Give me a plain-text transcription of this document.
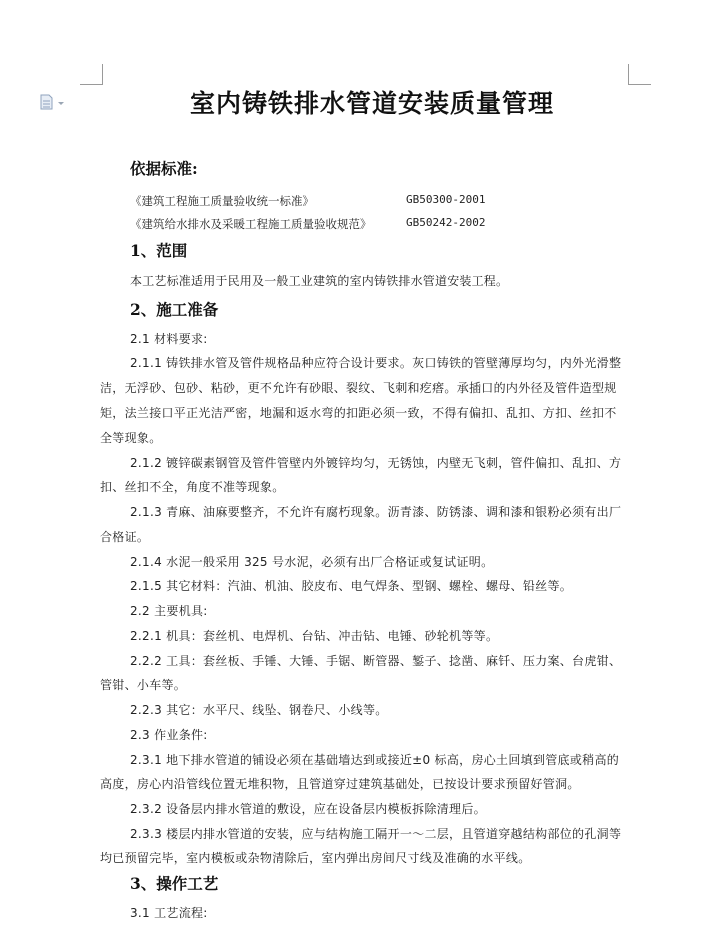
室内铸铁排水管道安装质量管理
依据标准:
《建筑工程施工质量验收统一标准》	GB50300-2001
《建筑给水排水及采暖工程施工质量验收规范》	GB50242-2002
1、范围
本工艺标准适用于民用及一般工业建筑的室内铸铁排水管道安装工程。
2、施工准备
2.1 材料要求:
2.1.1 铸铁排水管及管件规格品种应符合设计要求。灰口铸铁的管壁薄厚均匀，内外光滑整
洁，无浮砂、包砂、粘砂，更不允许有砂眼、裂纹、飞刺和疙瘩。承插口的内外径及管件造型规
矩，法兰接口平正光洁严密，地漏和返水弯的扣距必须一致，不得有偏扣、乱扣、方扣、丝扣不
全等现象。
2.1.2 镀锌碳素钢管及管件管壁内外镀锌均匀，无锈蚀，内壁无飞刺，管件偏扣、乱扣、方
扣、丝扣不全，角度不准等现象。
2.1.3 青麻、油麻要整齐，不允许有腐朽现象。沥青漆、防锈漆、调和漆和银粉必须有出厂
合格证。
2.1.4 水泥一般采用 325 号水泥，必须有出厂合格证或复试证明。
2.1.5 其它材料：汽油、机油、胶皮布、电气焊条、型钢、螺栓、螺母、铅丝等。
2.2 主要机具:
2.2.1 机具：套丝机、电焊机、台钻、冲击钻、电锤、砂轮机等等。
2.2.2 工具：套丝板、手锤、大锤、手锯、断管器、錾子、捻凿、麻钎、压力案、台虎钳、
管钳、小车等。
2.2.3 其它：水平尺、线坠、钢卷尺、小线等。
2.3 作业条件:
2.3.1 地下排水管道的铺设必须在基础墙达到或接近±0 标高，房心土回填到管底或稍高的
高度，房心内沿管线位置无堆积物，且管道穿过建筑基础处，已按设计要求预留好管洞。
2.3.2 设备层内排水管道的敷设，应在设备层内模板拆除清理后。
2.3.3 楼层内排水管道的安装，应与结构施工隔开一～二层，且管道穿越结构部位的孔洞等
均已预留完毕，室内模板或杂物清除后，室内弹出房间尺寸线及准确的水平线。
3、操作工艺
3.1 工艺流程:
